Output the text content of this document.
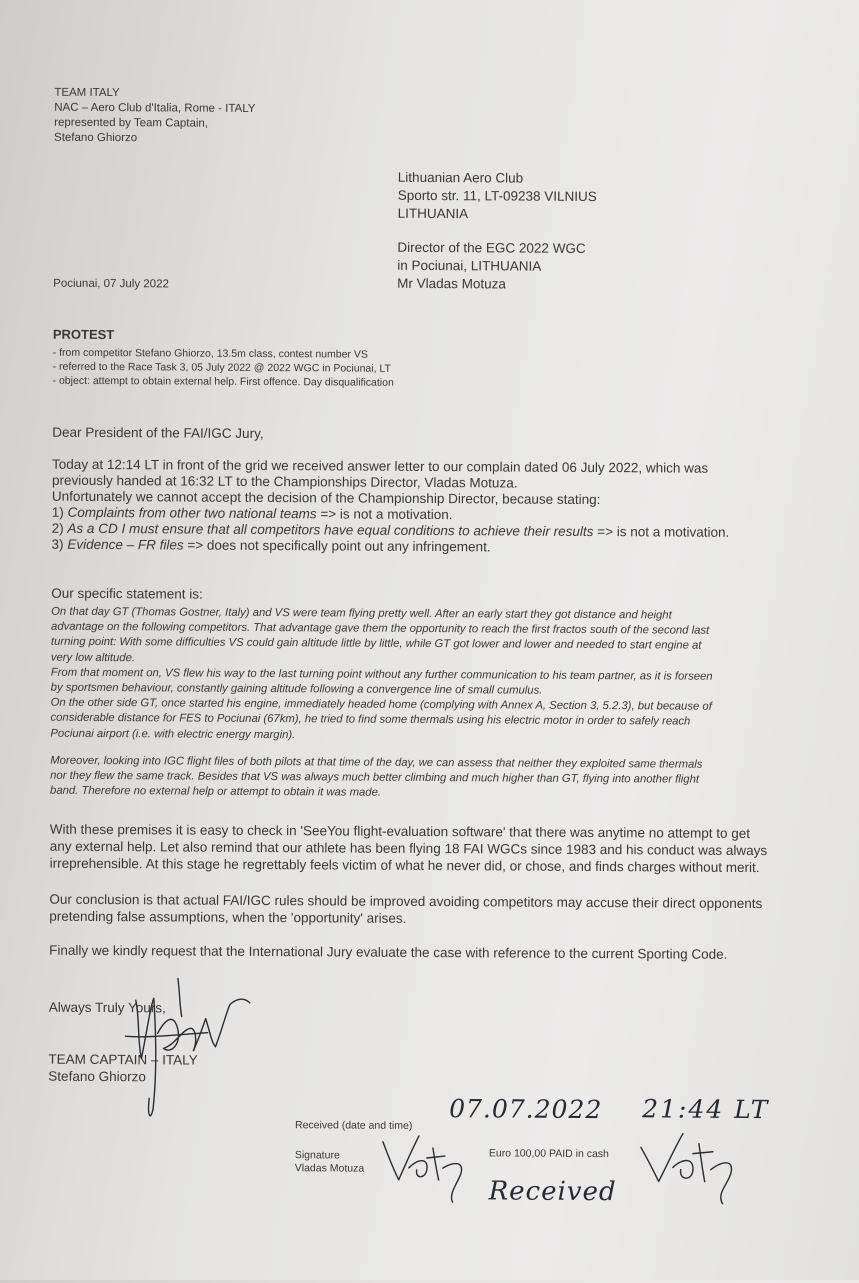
TEAM ITALY
NAC – Aero Club d'Italia, Rome - ITALY
represented by Team Captain,
Stefano Ghiorzo
Lithuanian Aero Club
Sporto str. 11, LT-09238 VILNIUS
LITHUANIA
Director of the EGC 2022 WGC
in Pociunai, LITHUANIA
Mr Vladas Motuza
Pociunai, 07 July 2022
PROTEST
- from competitor Stefano Ghiorzo, 13.5m class, contest number VS
- referred to the Race Task 3, 05 July 2022 @ 2022 WGC in Pociunai, LT
- object: attempt to obtain external help. First offence. Day disqualification
Dear President of the FAI/IGC Jury,
Today at 12:14 LT in front of the grid we received answer letter to our complain dated 06 July 2022, which was
previously handed at 16:32 LT to the Championships Director, Vladas Motuza.
Unfortunately we cannot accept the decision of the Championship Director, because stating:
1) Complaints from other two national teams => is not a motivation.
2) As a CD I must ensure that all competitors have equal conditions to achieve their results => is not a motivation.
3) Evidence – FR files => does not specifically point out any infringement.
Our specific statement is:
On that day GT (Thomas Gostner, Italy) and VS were team flying pretty well. After an early start they got distance and height
advantage on the following competitors. That advantage gave them the opportunity to reach the first fractos south of the second last
turning point: With some difficulties VS could gain altitude little by little, while GT got lower and lower and needed to start engine at
very low altitude.
From that moment on, VS flew his way to the last turning point without any further communication to his team partner, as it is forseen
by sportsmen behaviour, constantly gaining altitude following a convergence line of small cumulus.
On the other side GT, once started his engine, immediately headed home (complying with Annex A, Section 3, 5.2.3), but because of
considerable distance for FES to Pociunai (67km), he tried to find some thermals using his electric motor in order to safely reach
Pociunai airport (i.e. with electric energy margin).
Moreover, looking into IGC flight files of both pilots at that time of the day, we can assess that neither they exploited same thermals
nor they flew the same track. Besides that VS was always much better climbing and much higher than GT, flying into another flight
band. Therefore no external help or attempt to obtain it was made.
With these premises it is easy to check in 'SeeYou flight-evaluation software' that there was anytime no attempt to get
any external help. Let also remind that our athlete has been flying 18 FAI WGCs since 1983 and his conduct was always
irreprehensible. At this stage he regrettably feels victim of what he never did, or chose, and finds charges without merit.
Our conclusion is that actual FAI/IGC rules should be improved avoiding competitors may accuse their direct opponents
pretending false assumptions, when the 'opportunity' arises.
Finally we kindly request that the International Jury evaluate the case with reference to the current Sporting Code.
Always Truly Yours,
TEAM CAPTAIN – ITALY
Stefano Ghiorzo
Received (date and time)
Signature
Vladas Motuza
Euro 100,00 PAID in cash
07.07.2022 21:44 LT
Received
